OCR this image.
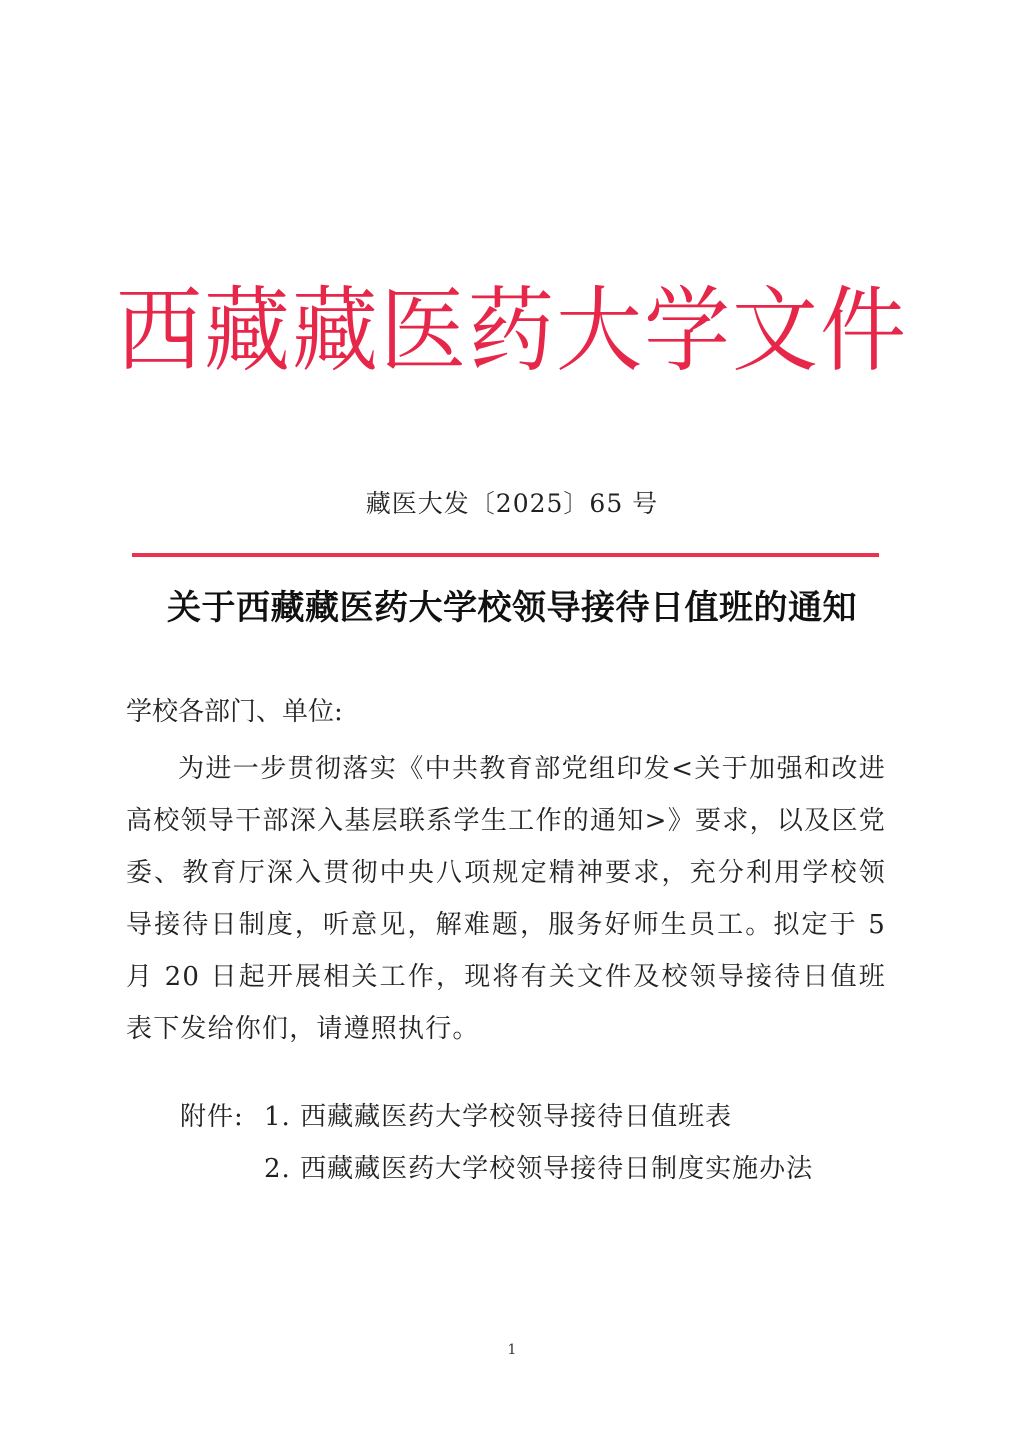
西藏藏医药大学文件
藏医大发〔2025〕65 号
关于西藏藏医药大学校领导接待日值班的通知
学校各部门、单位:
为进一步贯彻落实《中共教育部党组印发<关于加强和改进高校领导干部深入基层联系学生工作的通知>》要求，以及区党委、教育厅深入贯彻中央八项规定精神要求，充分利用学校领导接待日制度，听意见，解难题，服务好师生员工。拟定于 5 月 20 日起开展相关工作，现将有关文件及校领导接待日值班表下发给你们，请遵照执行。
附件: 1. 西藏藏医药大学校领导接待日值班表
2. 西藏藏医药大学校领导接待日制度实施办法
1
